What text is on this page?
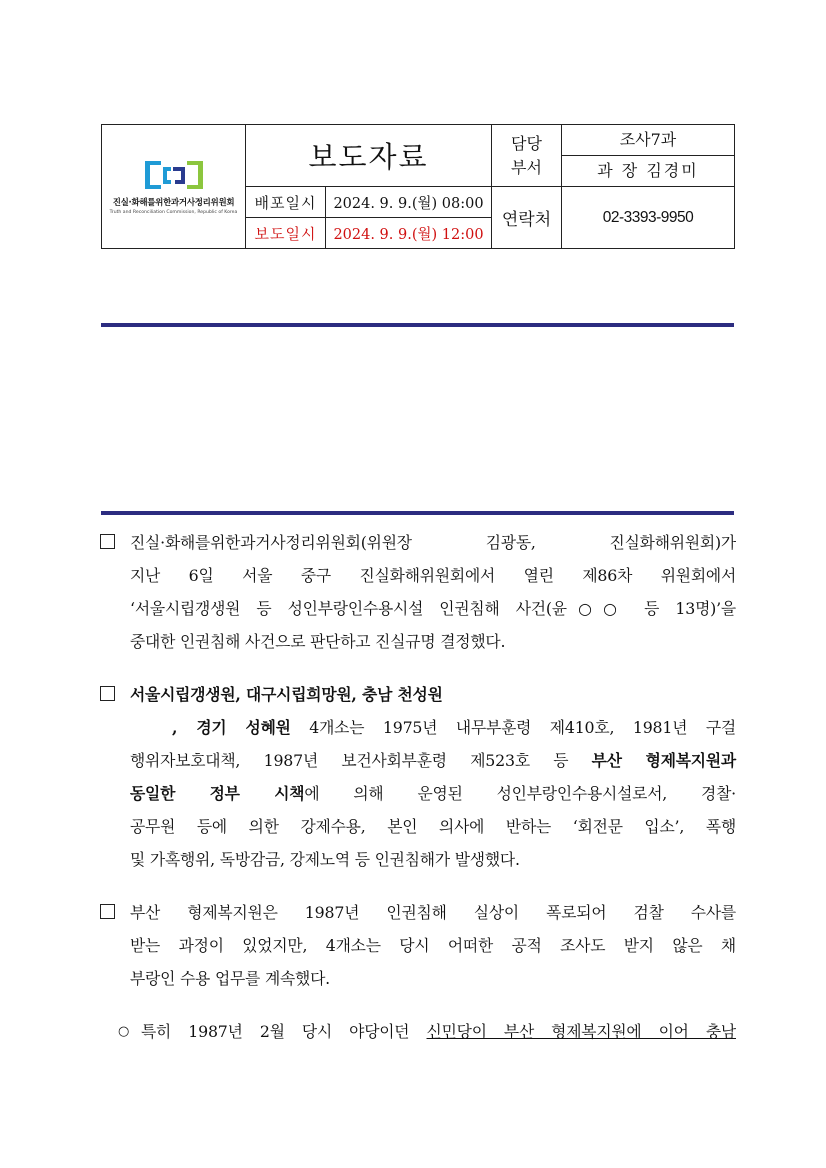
진실·화해를위한과거사정리위원회
Truth and Reconciliation Commission, Republic of Korea	보도자료		담당 부서	조사7과
				과 장 김경미
	배포일시	2024. 9. 9.(월) 08:00	연락처	02-3393-9950
	보도일시	2024. 9. 9.(월) 12:00		
진실·화해를위한과거사정리위원회(위원장 김광동, 진실화해위원회)가
지난 6일 서울 중구 진실화해위원회에서 열린 제86차 위원회에서
‘서울시립갱생원 등 성인부랑인수용시설 인권침해 사건(윤○○ 등 13명)’을
중대한 인권침해 사건으로 판단하고 진실규명 결정했다.
서울시립갱생원, 대구시립희망원, 충남 천성원
, 경기 성혜원 4개소는 1975년 내무부훈령 제410호, 1981년 구걸
행위자보호대책, 1987년 보건사회부훈령 제523호 등 부산 형제복지원과
동일한 정부 시책에 의해 운영된 성인부랑인수용시설로서, 경찰·
공무원 등에 의한 강제수용, 본인 의사에 반하는 ‘회전문 입소’, 폭행
및 가혹행위, 독방감금, 강제노역 등 인권침해가 발생했다.
부산 형제복지원은 1987년 인권침해 실상이 폭로되어 검찰 수사를
받는 과정이 있었지만, 4개소는 당시 어떠한 공적 조사도 받지 않은 채
부랑인 수용 업무를 계속했다.
○ 특히 1987년 2월 당시 야당이던 신민당이 부산 형제복지원에 이어 충남
